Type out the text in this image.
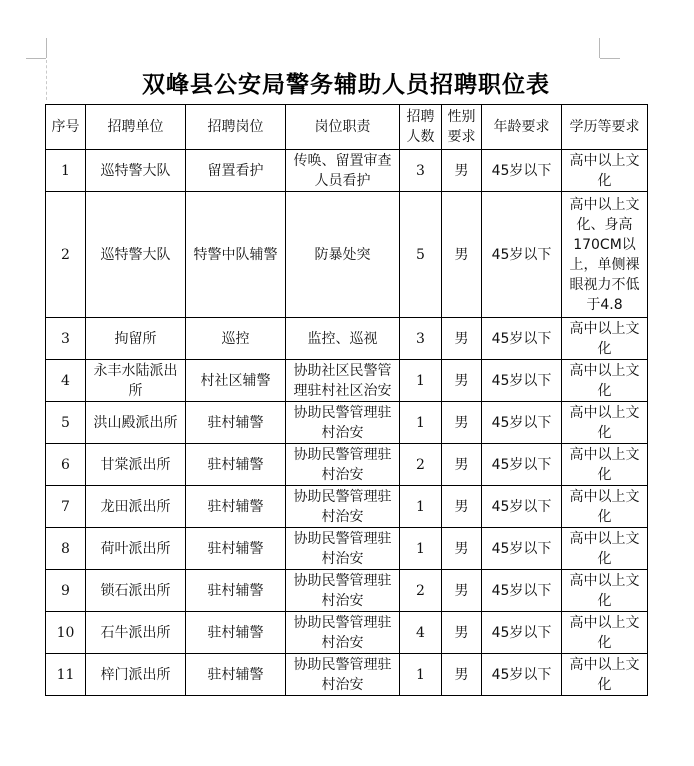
双峰县公安局警务辅助人员招聘职位表
序号	招聘单位	招聘岗位	岗位职责	招聘人数	性别要求	年龄要求	学历等要求
1	巡特警大队	留置看护	传唤、留置审查人员看护	3	男	45岁以下	高中以上文化
2	巡特警大队	特警中队辅警	防暴处突	5	男	45岁以下	高中以上文化、身高170CM以上，单侧裸眼视力不低于4.8
3	拘留所	巡控	监控、巡视	3	男	45岁以下	高中以上文化
4	永丰水陆派出所	村社区辅警	协助社区民警管理驻村社区治安	1	男	45岁以下	高中以上文化
5	洪山殿派出所	驻村辅警	协助民警管理驻村治安	1	男	45岁以下	高中以上文化
6	甘棠派出所	驻村辅警	协助民警管理驻村治安	2	男	45岁以下	高中以上文化
7	龙田派出所	驻村辅警	协助民警管理驻村治安	1	男	45岁以下	高中以上文化
8	荷叶派出所	驻村辅警	协助民警管理驻村治安	1	男	45岁以下	高中以上文化
9	锁石派出所	驻村辅警	协助民警管理驻村治安	2	男	45岁以下	高中以上文化
10	石牛派出所	驻村辅警	协助民警管理驻村治安	4	男	45岁以下	高中以上文化
11	梓门派出所	驻村辅警	协助民警管理驻村治安	1	男	45岁以下	高中以上文化
